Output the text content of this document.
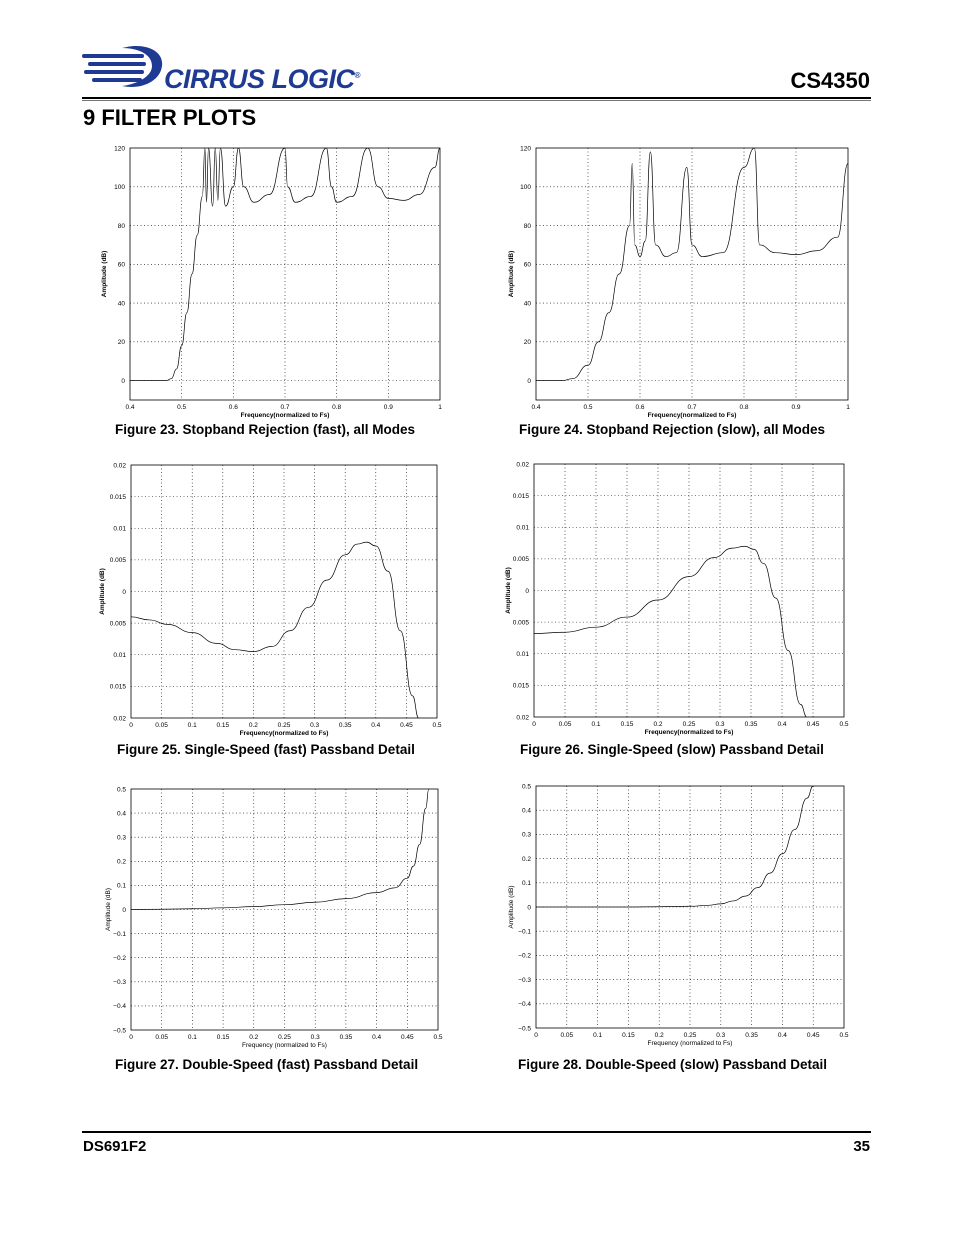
CIRRUS LOGIC®	CS4350
9 FILTER PLOTS
0.4	0.5	0.6	0.7	0.8	0.9	1
0
20
40
60
80
100
120
Frequency(normalized to Fs)
Amplitude (dB)
Figure 23. Stopband Rejection (fast), all Modes
0.4	0.5	0.6	0.7	0.8	0.9	1
0
20
40
60
80
100
120
Frequency(normalized to Fs)
Amplitude (dB)
Figure 24. Stopband Rejection (slow), all Modes
0	0.05	0.1	0.15	0.2	0.25	0.3	0.35	0.4	0.45	0.5
0.02
0.015
0.01
0.005
0
0.005
0.01
0.015
0.02
Frequency(normalized to Fs)
Amplitude (dB)
Figure 25. Single-Speed (fast) Passband Detail
0	0.05	0.1	0.15	0.2	0.25	0.3	0.35	0.4	0.45	0.5
0.02
0.015
0.01
0.005
0
0.005
0.01
0.015
0.02
Frequency(normalized to Fs)
Amplitude (dB)
Figure 26. Single-Speed (slow) Passband Detail
0	0.05	0.1	0.15	0.2	0.25	0.3	0.35	0.4	0.45	0.5
0.5
0.4
0.3
0.2
0.1
0
−0.1
−0.2
−0.3
−0.4
−0.5
Frequency (normalized to Fs)
Amplitude (dB)
Figure 27. Double-Speed (fast) Passband Detail
0	0.05	0.1	0.15	0.2	0.25	0.3	0.35	0.4	0.45	0.5
0.5
0.4
0.3
0.2
0.1
0
−0.1
−0.2
−0.3
−0.4
−0.5
Frequency (normalized to Fs)
Amplitude (dB)
Figure 28. Double-Speed (slow) Passband Detail
DS691F2	35
